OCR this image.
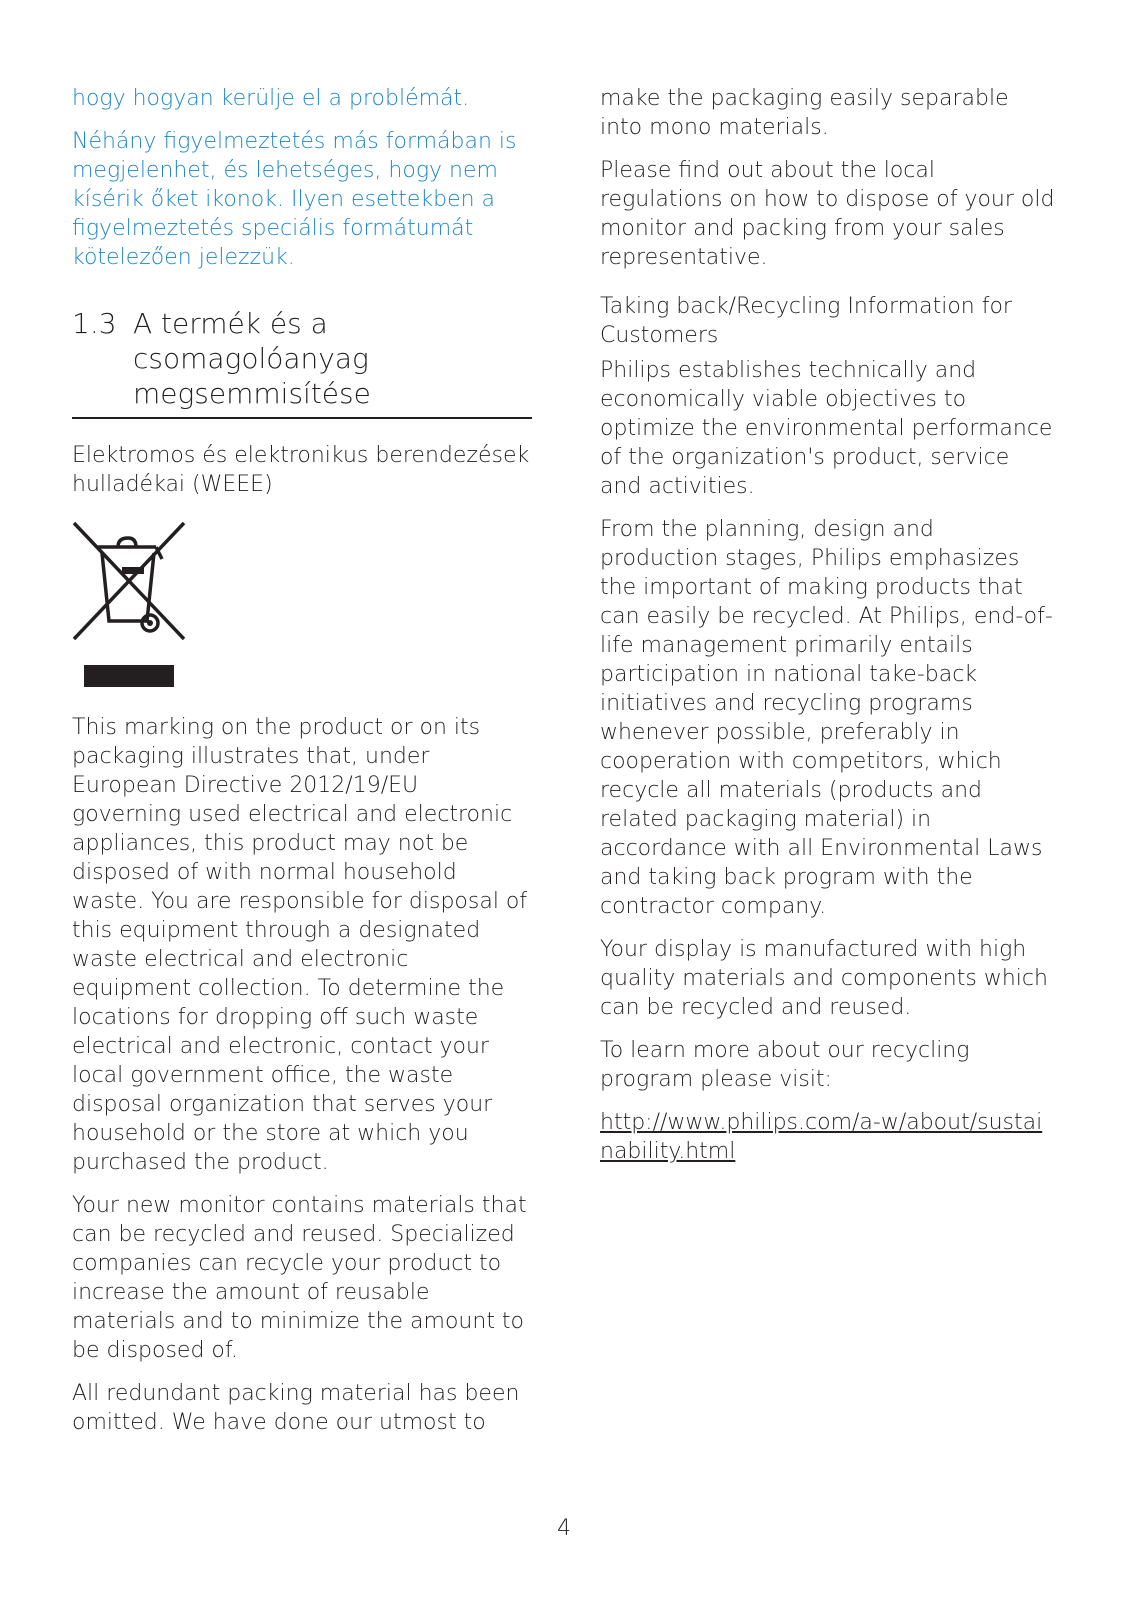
hogy hogyan kerülje el a problémát.

Néhány figyelmeztetés más formában is megjelenhet, és lehetséges, hogy nem kísérik őket ikonok. Ilyen esettekben a figyelmeztetés speciális formátumát kötelezően jelezzük.

1.3 A termék és a csomagolóanyag megsemmisítése

Elektromos és elektronikus berendezések hulladékai (WEEE)

This marking on the product or on its packaging illustrates that, under European Directive 2012/19/EU governing used electrical and electronic appliances, this product may not be disposed of with normal household waste. You are responsible for disposal of this equipment through a designated waste electrical and electronic equipment collection. To determine the locations for dropping off such waste electrical and electronic, contact your local government office, the waste disposal organization that serves your household or the store at which you purchased the product.

Your new monitor contains materials that can be recycled and reused. Specialized companies can recycle your product to increase the amount of reusable materials and to minimize the amount to be disposed of.

All redundant packing material has been omitted. We have done our utmost to

make the packaging easily separable into mono materials.

Please find out about the local regulations on how to dispose of your old monitor and packing from your sales representative.

Taking back/Recycling Information for Customers

Philips establishes technically and economically viable objectives to optimize the environmental performance of the organization's product, service and activities.

From the planning, design and production stages, Philips emphasizes the important of making products that can easily be recycled. At Philips, end-of-life management primarily entails participation in national take-back initiatives and recycling programs whenever possible, preferably in cooperation with competitors, which recycle all materials (products and related packaging material) in accordance with all Environmental Laws and taking back program with the contractor company.

Your display is manufactured with high quality materials and components which can be recycled and reused.

To learn more about our recycling program please visit:

http://www.philips.com/a-w/about/sustainability.html
4
